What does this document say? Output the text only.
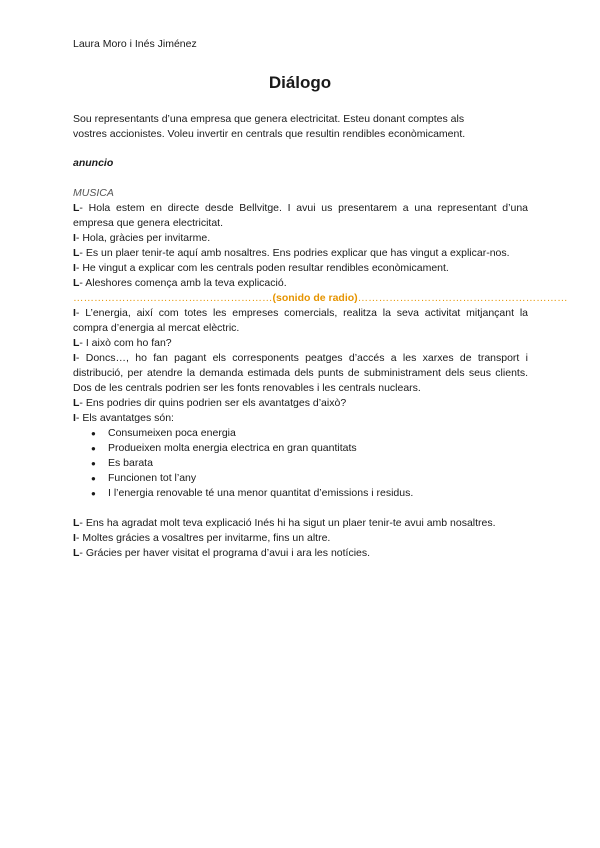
Laura Moro i Inés Jiménez
Diálogo
Sou representants d’una empresa que genera electricitat. Esteu donant comptes als vostres accionistes. Voleu invertir en centrals que resultin rendibles econòmicament.
anuncio

MUSICA

L- Hola estem en directe desde Bellvitge. I avui us presentarem a una representant d’una empresa que genera electricitat.

I- Hola, gràcies per invitarme.

L- Es un plaer tenir-te aquí amb nosaltres. Ens podries explicar que has vingut a explicar-nos.

I- He vingut a explicar com les centrals poden resultar rendibles econòmicament.

L- Aleshores comença amb la teva explicació.

…………………………………………………(sonido de radio)……………………………………………………

I- L’energia, així com totes les empreses comercials, realitza la seva activitat mitjançant la compra d’energia al mercat elèctric.

L- I això com ho fan?

I- Doncs…, ho fan pagant els corresponents peatges d’accés a les xarxes de transport i distribució, per atendre la demanda estimada dels punts de subministrament dels seus clients. Dos de les centrals podrien ser les fonts renovables i les centrals nuclears.

L- Ens podries dir quins podrien ser els avantatges d’això?

I- Els avantatges són:

● Consumeixen poca energia
● Produeixen molta energia electrica en gran quantitats
● Es barata
● Funcionen tot l’any
● I l’energia renovable té una menor quantitat d’emissions i residus.

L- Ens ha agradat molt teva explicació Inés hi ha sigut un plaer tenir-te avui amb nosaltres.

I- Moltes grácies a vosaltres per invitarme, fins un altre.

L- Grácies per haver visitat el programa d’avui i ara les notícies.
